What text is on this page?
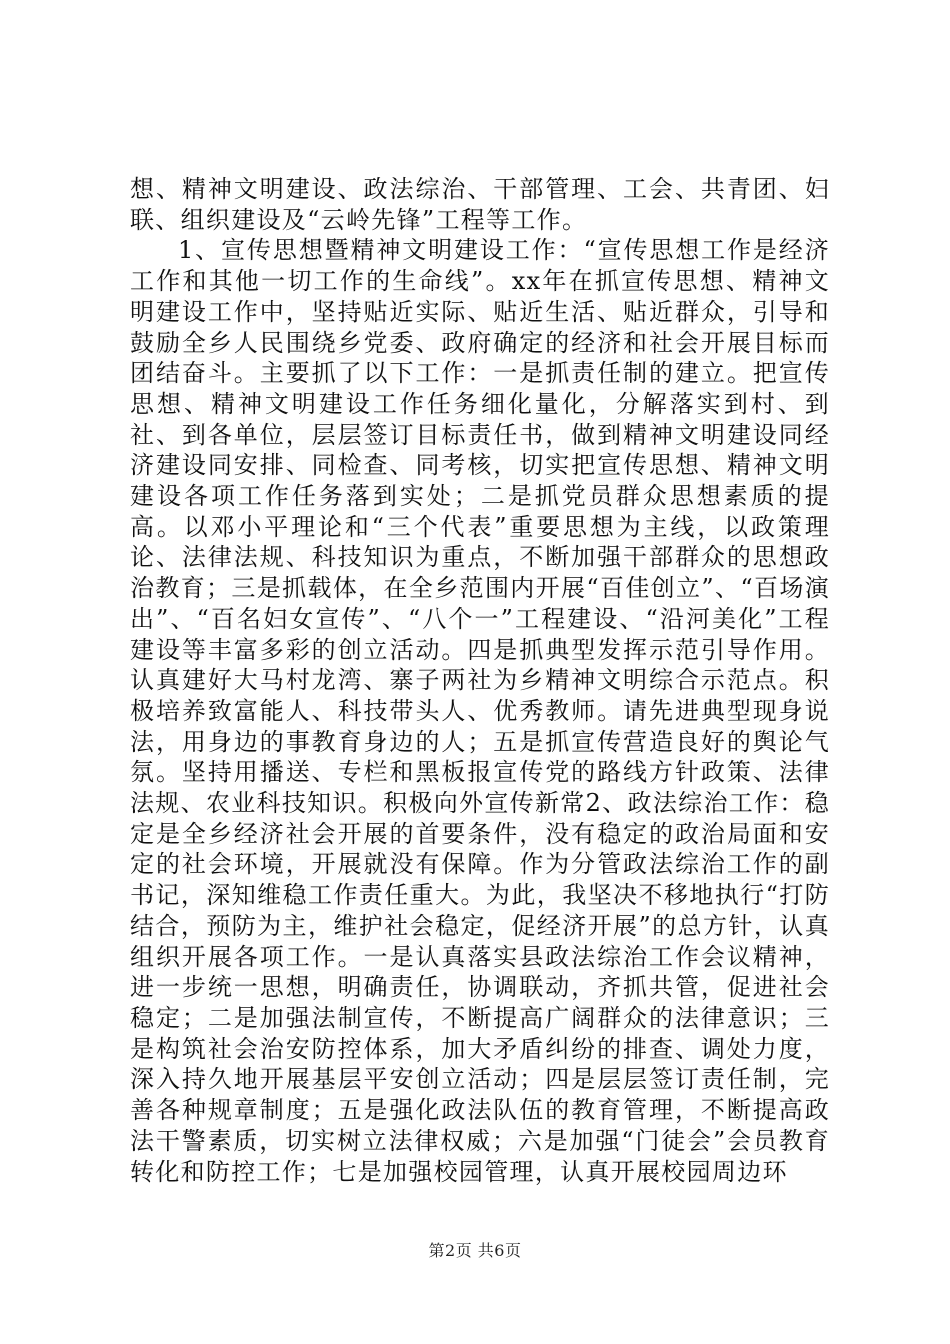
想、精神文明建设、政法综治、干部管理、工会、共青团、妇联、组织建设及“云岭先锋”工程等工作。

1、宣传思想暨精神文明建设工作：“宣传思想工作是经济工作和其他一切工作的生命线”。xx年在抓宣传思想、精神文明建设工作中，坚持贴近实际、贴近生活、贴近群众，引导和鼓励全乡人民围绕乡党委、政府确定的经济和社会开展目标而团结奋斗。主要抓了以下工作：一是抓责任制的建立。把宣传思想、精神文明建设工作任务细化量化，分解落实到村、到社、到各单位，层层签订目标责任书，做到精神文明建设同经济建设同安排、同检查、同考核，切实把宣传思想、精神文明建设各项工作任务落到实处；二是抓党员群众思想素质的提高。以邓小平理论和“三个代表”重要思想为主线，以政策理论、法律法规、科技知识为重点，不断加强干部群众的思想政治教育；三是抓载体，在全乡范围内开展“百佳创立”、“百场演出”、“百名妇女宣传”、“八个一”工程建设、“沿河美化”工程建设等丰富多彩的创立活动。四是抓典型发挥示范引导作用。认真建好大马村龙湾、寨子两社为乡精神文明综合示范点。积极培养致富能人、科技带头人、优秀教师。请先进典型现身说法，用身边的事教育身边的人；五是抓宣传营造良好的舆论气氛。坚持用播送、专栏和黑板报宣传党的路线方针政策、法律法规、农业科技知识。积极向外宣传新常2、政法综治工作：稳定是全乡经济社会开展的首要条件，没有稳定的政治局面和安定的社会环境，开展就没有保障。作为分管政法综治工作的副书记，深知维稳工作责任重大。为此，我坚决不移地执行“打防结合，预防为主，维护社会稳定，促经济开展”的总方针，认真组织开展各项工作。一是认真落实县政法综治工作会议精神，进一步统一思想，明确责任，协调联动，齐抓共管，促进社会稳定；二是加强法制宣传，不断提高广阔群众的法律意识；三是构筑社会治安防控体系，加大矛盾纠纷的排查、调处力度，深入持久地开展基层平安创立活动；四是层层签订责任制，完善各种规章制度；五是强化政法队伍的教育管理，不断提高政法干警素质，切实树立法律权威；六是加强“门徒会”会员教育转化和防控工作；七是加强校园管理，认真开展校园周边环

第2页 共6页
